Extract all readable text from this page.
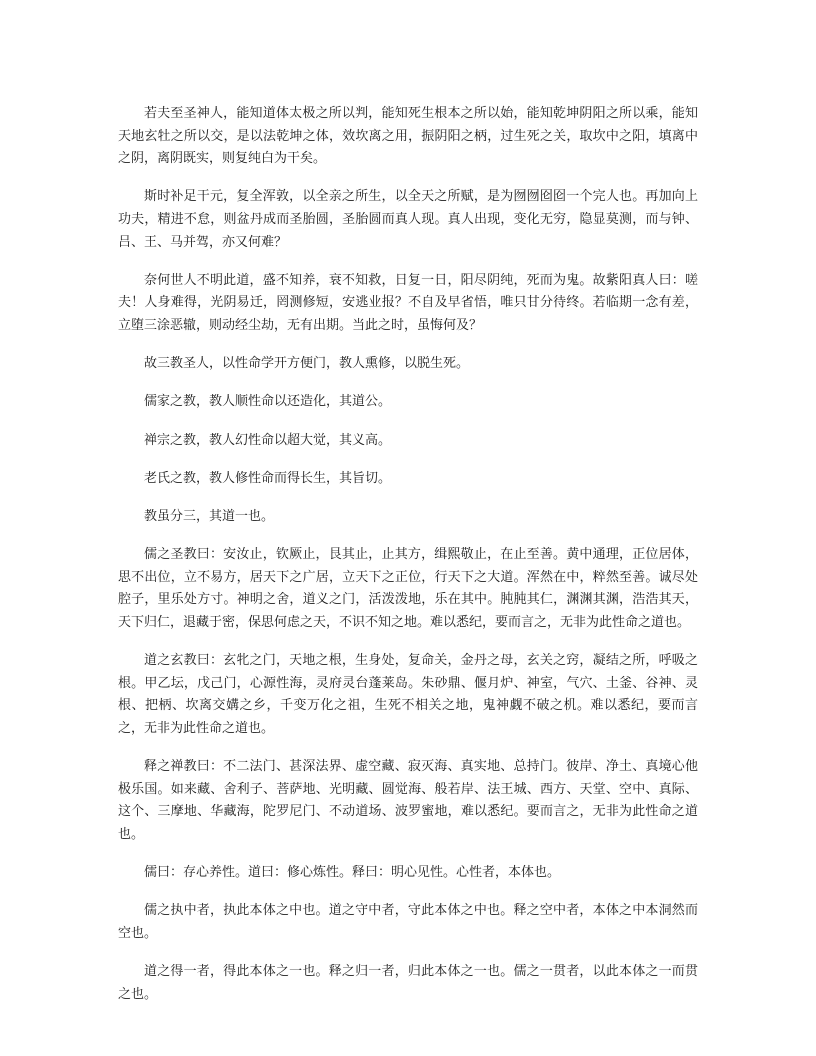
若夫至圣神人，能知道体太极之所以判，能知死生根本之所以始，能知乾坤阴阳之所以乘，能知天地玄牡之所以交，是以法乾坤之体，效坎离之用，振阴阳之柄，过生死之关，取坎中之阳，填离中之阴，离阴既实，则复纯白为干矣。

斯时补足干元，复全浑敦，以全亲之所生，以全天之所赋，是为囫囫囵囵一个完人也。再加向上功夫，精进不怠，则盆丹成而圣胎圆，圣胎圆而真人现。真人出现，变化无穷，隐显莫测，而与钟、吕、王、马并驾，亦又何难？

奈何世人不明此道，盛不知养，衰不知救，日复一日，阳尽阴纯，死而为鬼。故紫阳真人曰：嗟夫！人身难得，光阴易迁，罔测修短，安逃业报？不自及早省悟，唯只甘分待终。若临期一念有差，立堕三涂恶辙，则动经尘劫，无有出期。当此之时，虽悔何及？

故三教圣人，以性命学开方便门，教人熏修，以脱生死。

儒家之教，教人顺性命以还造化，其道公。

禅宗之教，教人幻性命以超大觉，其义高。

老氏之教，教人修性命而得长生，其旨切。

教虽分三，其道一也。

儒之圣教曰：安汝止，钦厥止，艮其止，止其方，缉熙敬止，在止至善。黄中通理，正位居体，思不出位，立不易方，居天下之广居，立天下之正位，行天下之大道。浑然在中，粹然至善。诚尽处腔子，里乐处方寸。神明之舍，道义之门，活泼泼地，乐在其中。肫肫其仁，渊渊其渊，浩浩其天，天下归仁，退藏于密，保思何虑之天，不识不知之地。难以悉纪，要而言之，无非为此性命之道也。

道之玄教曰：玄牝之门，天地之根，生身处，复命关，金丹之母，玄关之窍，凝结之所，呼吸之根。甲乙坛，戊己门，心源性海，灵府灵台蓬莱岛。朱砂鼎、偃月炉、神室，气穴、土釜、谷神、灵根、把柄、坎离交媾之乡，千变万化之祖，生死不相关之地，鬼神觑不破之机。难以悉纪，要而言之，无非为此性命之道也。

释之禅教曰：不二法门、甚深法界、虚空藏、寂灭海、真实地、总持门。彼岸、净土、真境心他极乐国。如来藏、舍利子、菩萨地、光明藏、圆觉海、般若岸、法王城、西方、天堂、空中、真际、这个、三摩地、华藏海，陀罗尼门、不动道场、波罗蜜地，难以悉纪。要而言之，无非为此性命之道也。

儒曰：存心养性。道曰：修心炼性。释曰：明心见性。心性者，本体也。

儒之执中者，执此本体之中也。道之守中者，守此本体之中也。释之空中者，本体之中本洞然而空也。

道之得一者，得此本体之一也。释之归一者，归此本体之一也。儒之一贯者，以此本体之一而贯之也。
